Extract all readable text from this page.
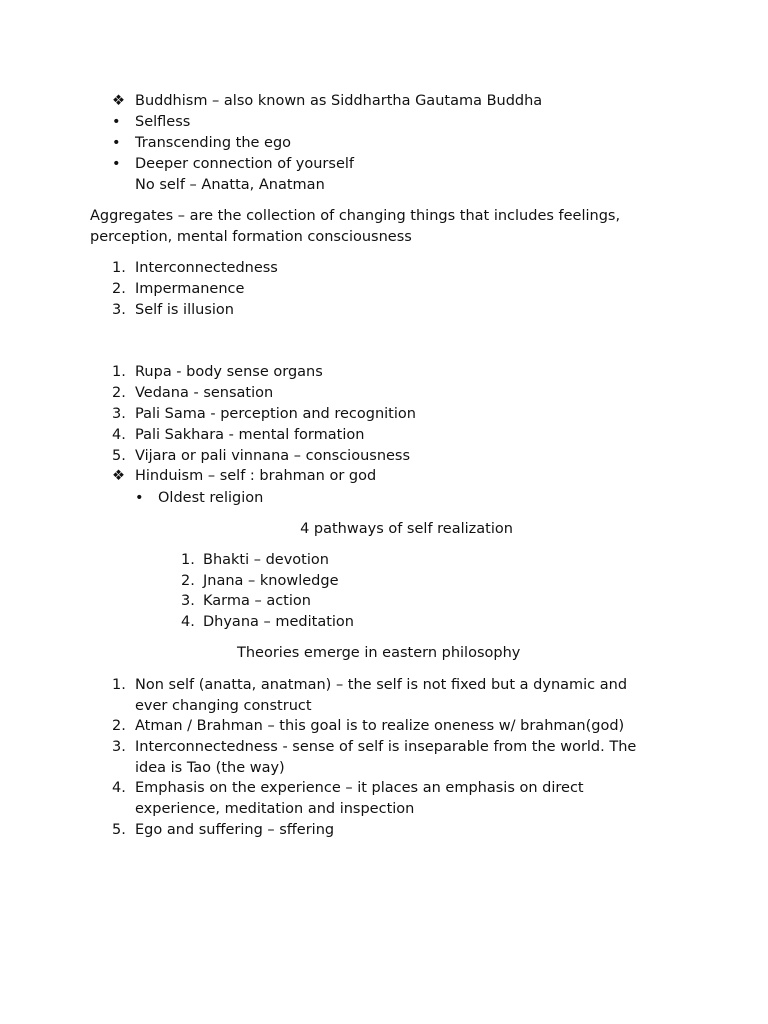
❖ Buddhism – also known as Siddhartha Gautama Buddha
• Selfless
• Transcending the ego
• Deeper connection of yourself
No self – Anatta, Anatman
Aggregates – are the collection of changing things that includes feelings,
perception, mental formation consciousness
1. Interconnectedness
2. Impermanence
3. Self is illusion
1. Rupa - body sense organs
2. Vedana - sensation
3. Pali Sama - perception and recognition
4. Pali Sakhara - mental formation
5. Vijara or pali vinnana – consciousness
❖ Hinduism – self : brahman or god
• Oldest religion
4 pathways of self realization
1. Bhakti – devotion
2. Jnana – knowledge
3. Karma – action
4. Dhyana – meditation
Theories emerge in eastern philosophy
1. Non self (anatta, anatman) – the self is not fixed but a dynamic and
ever changing construct
2. Atman / Brahman – this goal is to realize oneness w/ brahman(god)
3. Interconnectedness - sense of self is inseparable from the world. The
idea is Tao (the way)
4. Emphasis on the experience – it places an emphasis on direct
experience, meditation and inspection
5. Ego and suffering – sffering
